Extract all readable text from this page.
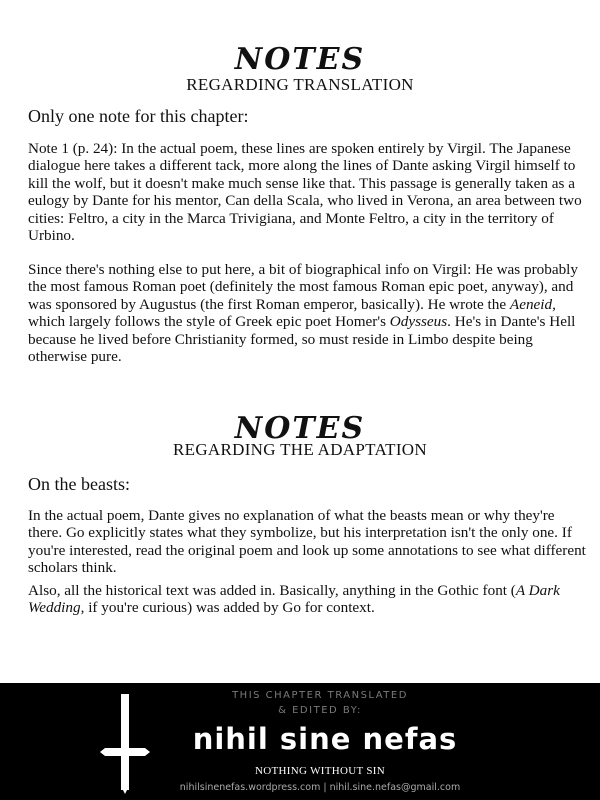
NOTES
REGARDING TRANSLATION
Only one note for this chapter:

Note 1 (p. 24): In the actual poem, these lines are spoken entirely by Virgil. The Japanese dialogue here takes a different tack, more along the lines of Dante asking Virgil himself to kill the wolf, but it doesn't make much sense like that. This passage is generally taken as a eulogy by Dante for his mentor, Can della Scala, who lived in Verona, an area between two cities: Feltro, a city in the Marca Trivigiana, and Monte Feltro, a city in the territory of Urbino.

Since there's nothing else to put here, a bit of biographical info on Virgil: He was probably the most famous Roman poet (definitely the most famous Roman epic poet, anyway), and was sponsored by Augustus (the first Roman emperor, basically). He wrote the Aeneid, which largely follows the style of Greek epic poet Homer's Odysseus. He's in Dante's Hell because he lived before Christianity formed, so must reside in Limbo despite being otherwise pure.

NOTES
REGARDING THE ADAPTATION
On the beasts:

In the actual poem, Dante gives no explanation of what the beasts mean or why they're there. Go explicitly states what they symbolize, but his interpretation isn't the only one. If you're interested, read the original poem and look up some annotations to see what different scholars think.

Also, all the historical text was added in. Basically, anything in the Gothic font (A Dark Wedding, if you're curious) was added by Go for context.

THIS CHAPTER TRANSLATED
& EDITED BY:
nihil sine nefas
NOTHING WITHOUT SIN
nihilsinenefas.wordpress.com | nihil.sine.nefas@gmail.com
